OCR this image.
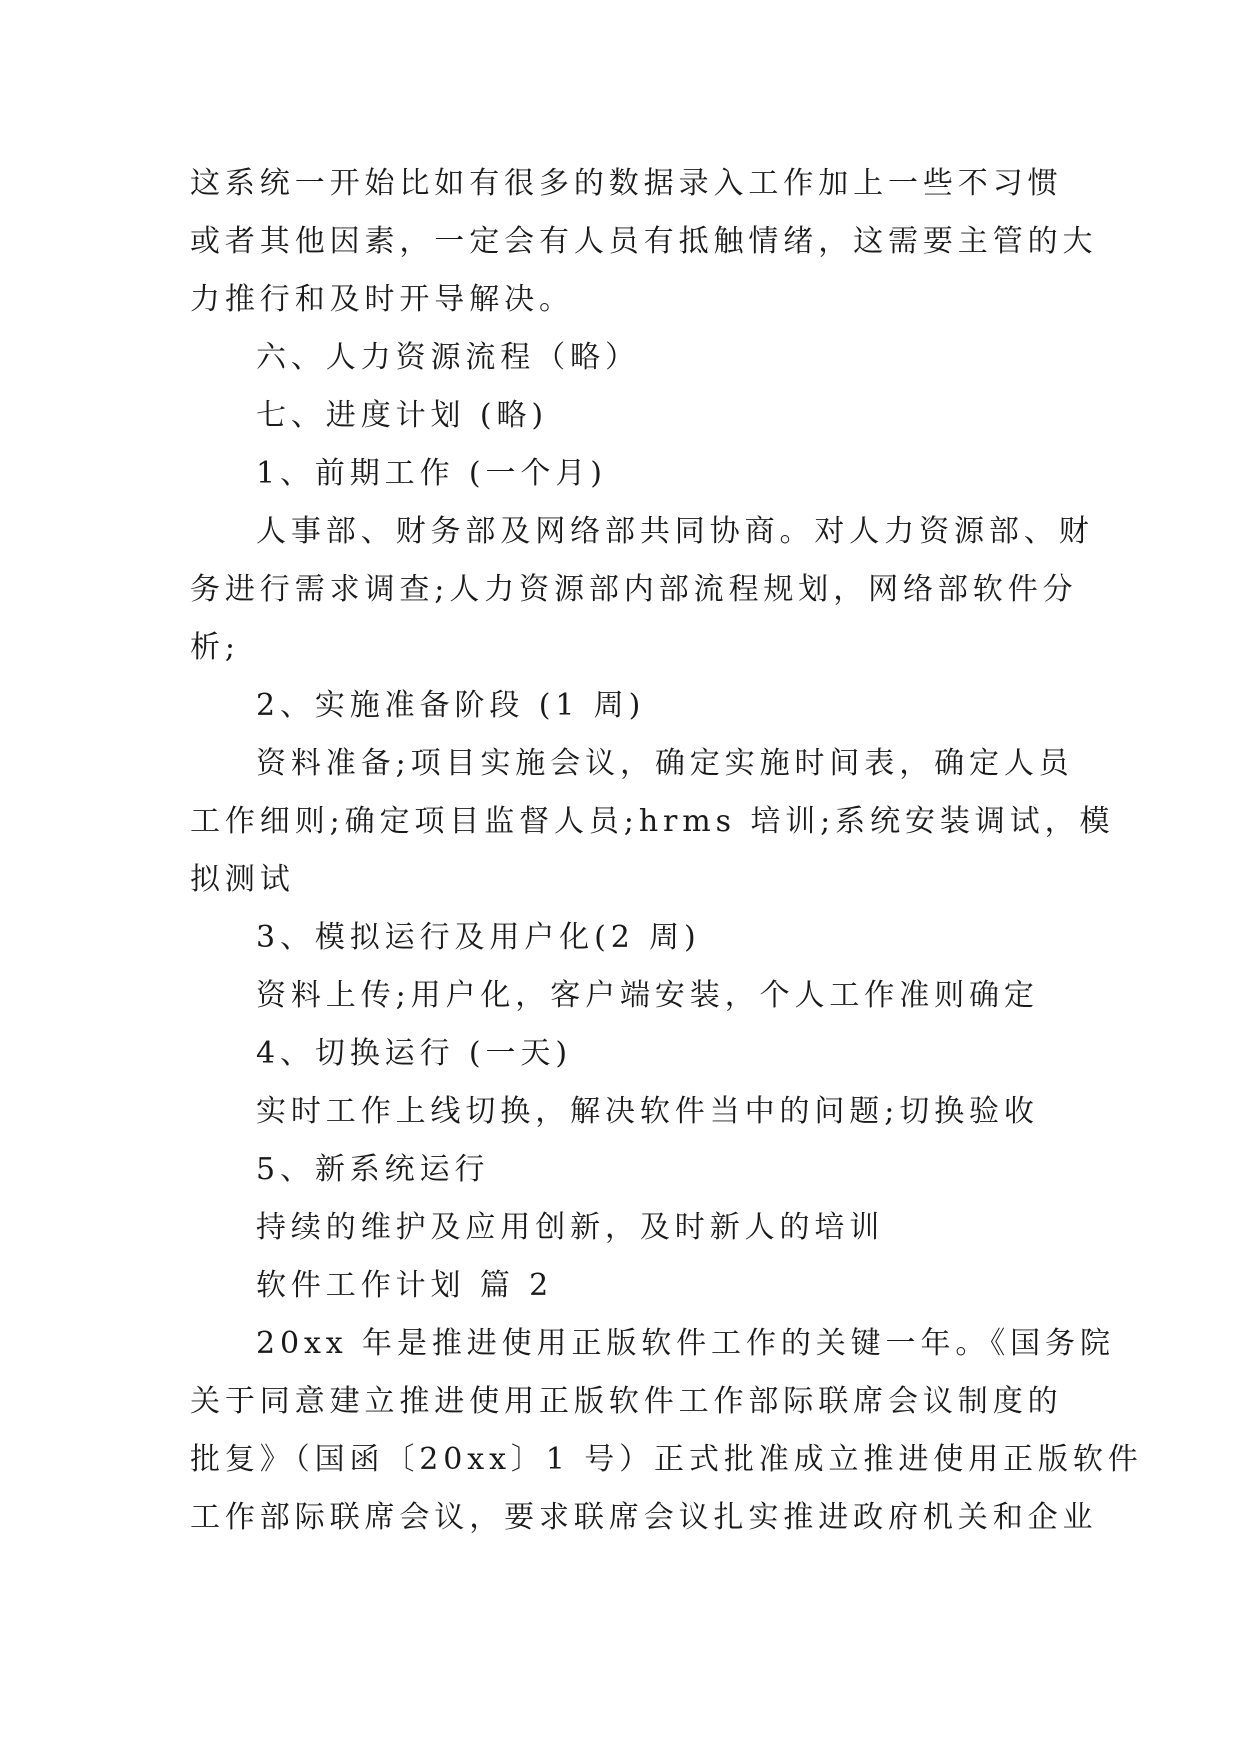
这系统一开始比如有很多的数据录入工作加上一些不习惯
或者其他因素，一定会有人员有抵触情绪，这需要主管的大
力推行和及时开导解决。
六、人力资源流程（略）
七、进度计划 (略)
1、前期工作 (一个月)
人事部、财务部及网络部共同协商。对人力资源部、财
务进行需求调查;人力资源部内部流程规划，网络部软件分
析;
2、实施准备阶段 (1 周)
资料准备;项目实施会议，确定实施时间表，确定人员
工作细则;确定项目监督人员;hrms 培训;系统安装调试，模
拟测试
3、模拟运行及用户化(2 周)
资料上传;用户化，客户端安装，个人工作准则确定
4、切换运行 (一天)
实时工作上线切换，解决软件当中的问题;切换验收
5、新系统运行
持续的维护及应用创新，及时新人的培训
软件工作计划 篇 2
20xx 年是推进使用正版软件工作的关键一年。《国务院
关于同意建立推进使用正版软件工作部际联席会议制度的
批复》（国函〔20xx〕1 号）正式批准成立推进使用正版软件
工作部际联席会议，要求联席会议扎实推进政府机关和企业
